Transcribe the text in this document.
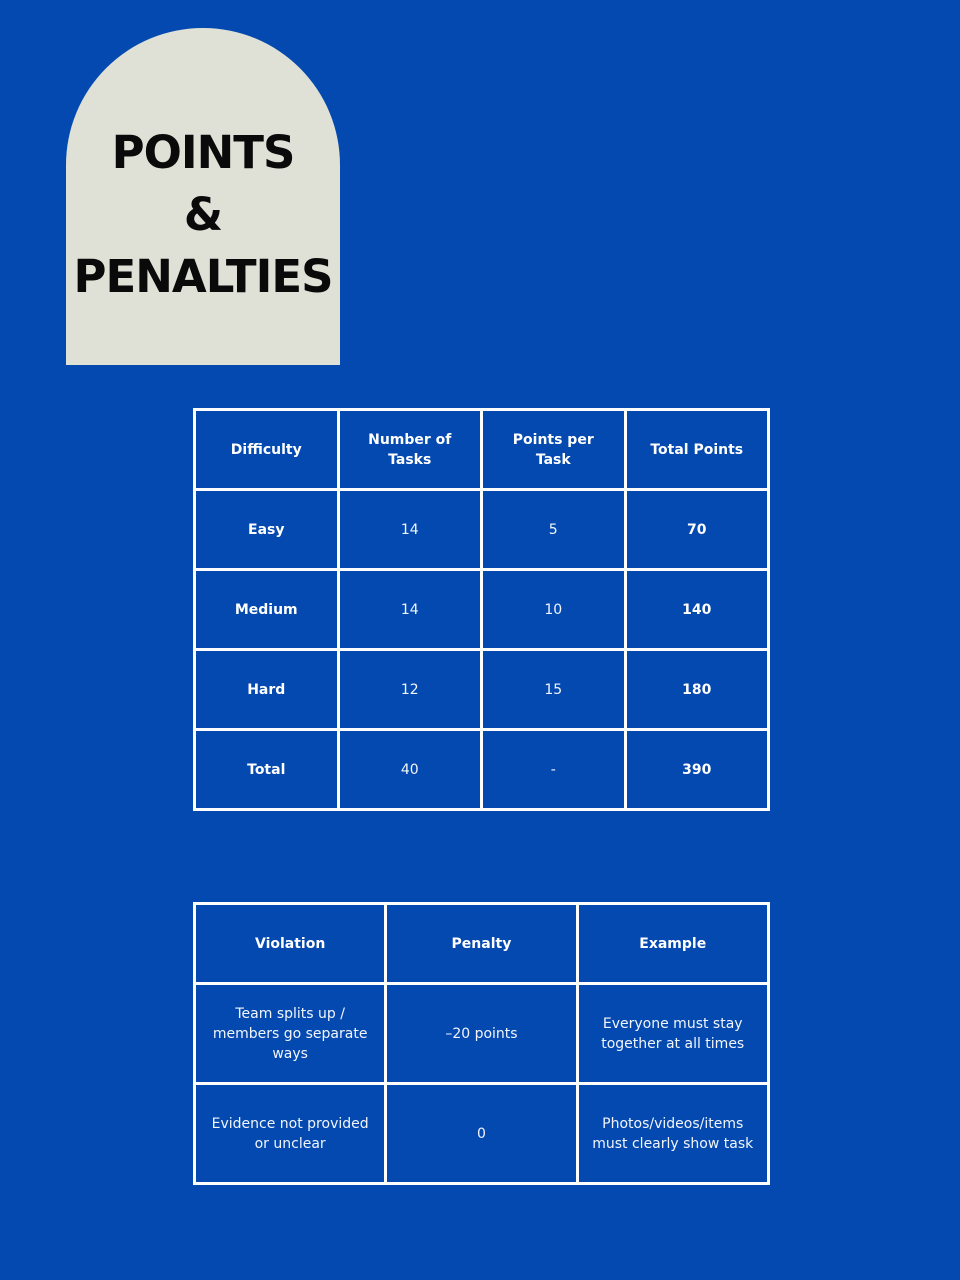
POINTS
&
PENALTIES
Difficulty	Number of Tasks	Points per Task	Total Points
Easy	14	5	70
Medium	14	10	140
Hard	12	15	180
Total	40	-	390
Violation	Penalty	Example
Team splits up / members go separate ways	–20 points	Everyone must stay together at all times
Evidence not provided or unclear	0	Photos/videos/items must clearly show task
